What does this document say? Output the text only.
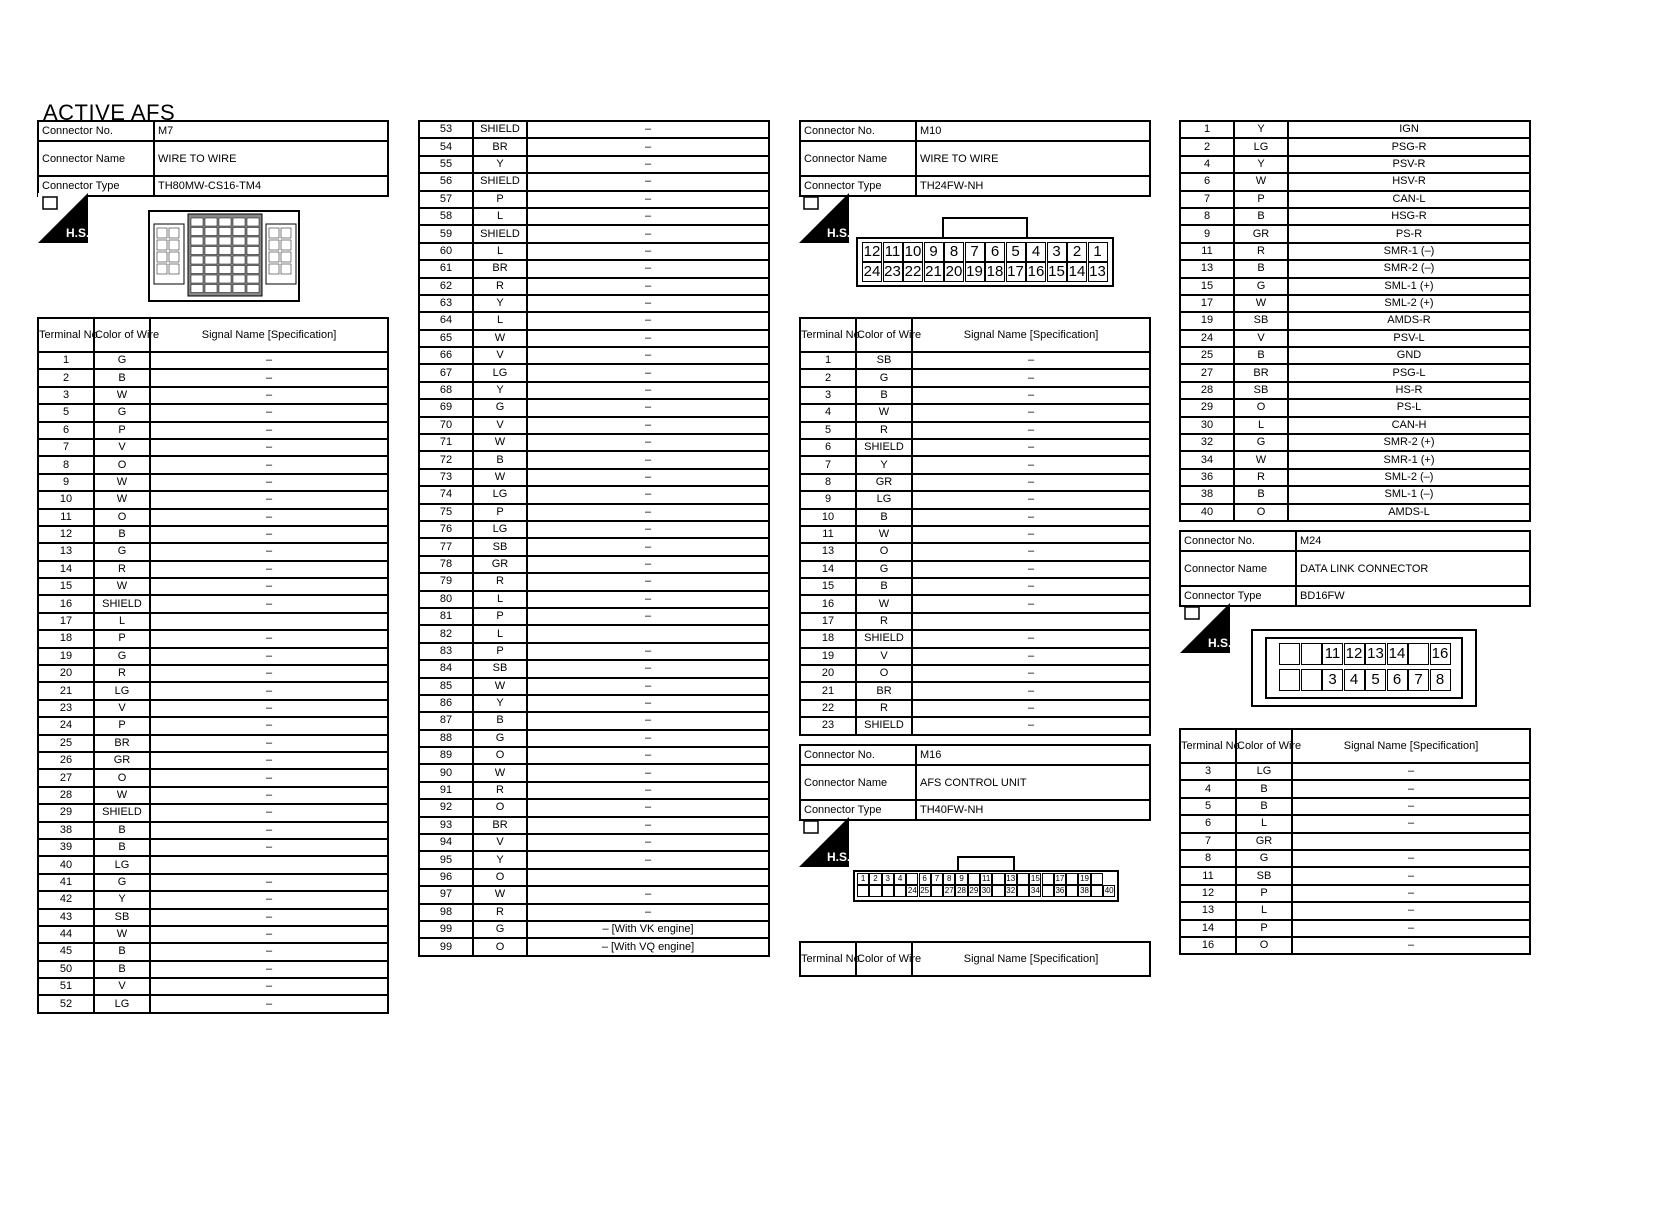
ACTIVE AFS
Connector No.	M7
Connector Name	WIRE TO WIRE
Connector Type	TH80MW-CS16-TM4
H.S.
Terminal No.	Color of Wire	Signal Name [Specification]
1	G	–
2	B	–
3	W	–
5	G	–
6	P	–
7	V	–
8	O	–
9	W	–
10	W	–
11	O	–
12	B	–
13	G	–
14	R	–
15	W	–
16	SHIELD	–
17	L	
18	P	–
19	G	–
20	R	–
21	LG	–
23	V	–
24	P	–
25	BR	–
26	GR	–
27	O	–
28	W	–
29	SHIELD	–
38	B	–
39	B	–
40	LG	
41	G	–
42	Y	–
43	SB	–
44	W	–
45	B	–
50	B	–
51	V	–
52	LG	–
53	SHIELD	–
54	BR	–
55	Y	–
56	SHIELD	–
57	P	–
58	L	–
59	SHIELD	–
60	L	–
61	BR	–
62	R	–
63	Y	–
64	L	–
65	W	–
66	V	–
67	LG	–
68	Y	–
69	G	–
70	V	–
71	W	–
72	B	–
73	W	–
74	LG	–
75	P	–
76	LG	–
77	SB	–
78	GR	–
79	R	–
80	L	–
81	P	–
82	L	
83	P	–
84	SB	–
85	W	–
86	Y	–
87	B	–
88	G	–
89	O	–
90	W	–
91	R	–
92	O	–
93	BR	–
94	V	–
95	Y	–
96	O	
97	W	–
98	R	–
99	G	– [With VK engine]
99	O	– [With VQ engine]
Connector No.	M10
Connector Name	WIRE TO WIRE
Connector Type	TH24FW-NH
H.S.
12 11 10 9 8 7 6 5 4 3 2 1
24 23 22 21 20 19 18 17 16 15 14 13
Terminal No.	Color of Wire	Signal Name [Specification]
1	SB	–
2	G	–
3	B	–
4	W	–
5	R	–
6	SHIELD	–
7	Y	–
8	GR	–
9	LG	–
10	B	–
11	W	–
13	O	–
14	G	–
15	B	–
16	W	–
17	R	
18	SHIELD	–
19	V	–
20	O	–
21	BR	–
22	R	–
23	SHIELD	–
Connector No.	M16
Connector Name	AFS CONTROL UNIT
Connector Type	TH40FW-NH
H.S.
1 2 3 4	6 7 8 9	11 13 15 17 19
24 25 27 28 29 30 32 34 36 38 40
Terminal No.	Color of Wire	Signal Name [Specification]
1	Y	IGN
2	LG	PSG-R
4	Y	PSV-R
6	W	HSV-R
7	P	CAN-L
8	B	HSG-R
9	GR	PS-R
11	R	SMR-1 (–)
13	B	SMR-2 (–)
15	G	SML-1 (+)
17	W	SML-2 (+)
19	SB	AMDS-R
24	V	PSV-L
25	B	GND
27	BR	PSG-L
28	SB	HS-R
29	O	PS-L
30	L	CAN-H
32	G	SMR-2 (+)
34	W	SMR-1 (+)
36	R	SML-2 (–)
38	B	SML-1 (–)
40	O	AMDS-L
Connector No.	M24
Connector Name	DATA LINK CONNECTOR
Connector Type	BD16FW
H.S.
11 12 13 14 16
3 4 5 6 7 8
Terminal No.	Color of Wire	Signal Name [Specification]
3	LG	–
4	B	–
5	B	–
6	L	–
7	GR	
8	G	–
11	SB	–
12	P	–
13	L	–
14	P	–
16	O	–
